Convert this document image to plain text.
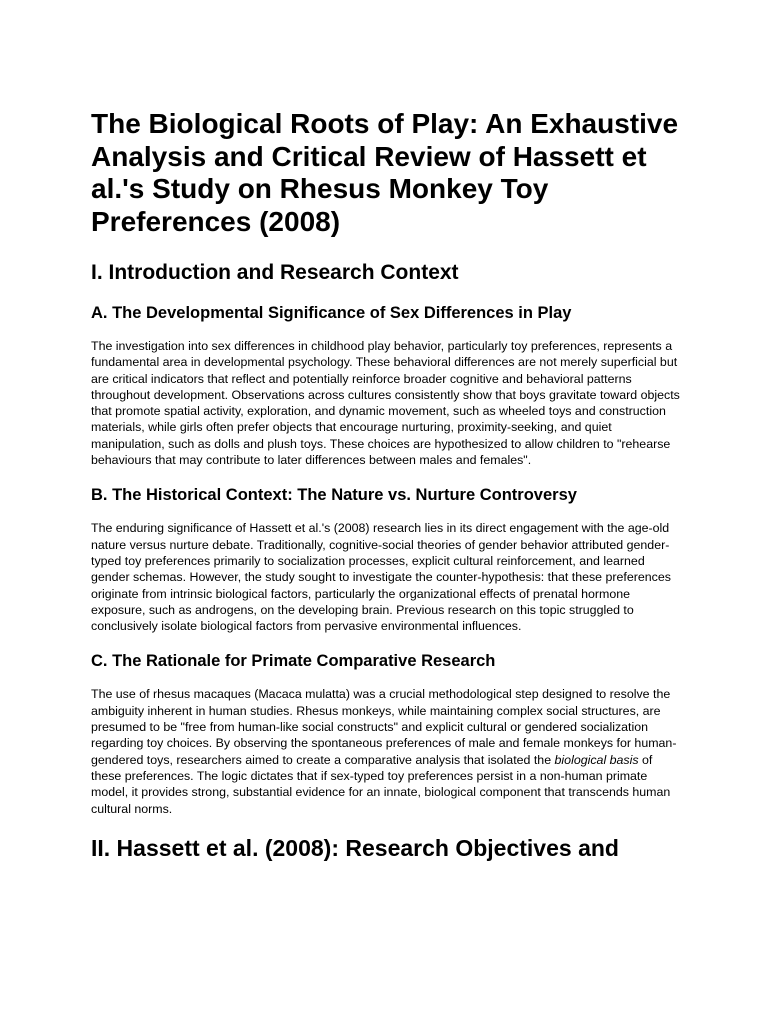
The Biological Roots of Play: An Exhaustive Analysis and Critical Review of Hassett et al.'s Study on Rhesus Monkey Toy Preferences (2008)
I. Introduction and Research Context
A. The Developmental Significance of Sex Differences in Play

The investigation into sex differences in childhood play behavior, particularly toy preferences, represents a fundamental area in developmental psychology. These behavioral differences are not merely superficial but are critical indicators that reflect and potentially reinforce broader cognitive and behavioral patterns throughout development. Observations across cultures consistently show that boys gravitate toward objects that promote spatial activity, exploration, and dynamic movement, such as wheeled toys and construction materials, while girls often prefer objects that encourage nurturing, proximity-seeking, and quiet manipulation, such as dolls and plush toys. These choices are hypothesized to allow children to "rehearse behaviours that may contribute to later differences between males and females".

B. The Historical Context: The Nature vs. Nurture Controversy

The enduring significance of Hassett et al.'s (2008) research lies in its direct engagement with the age-old nature versus nurture debate. Traditionally, cognitive-social theories of gender behavior attributed gender-typed toy preferences primarily to socialization processes, explicit cultural reinforcement, and learned gender schemas. However, the study sought to investigate the counter-hypothesis: that these preferences originate from intrinsic biological factors, particularly the organizational effects of prenatal hormone exposure, such as androgens, on the developing brain. Previous research on this topic struggled to conclusively isolate biological factors from pervasive environmental influences.

C. The Rationale for Primate Comparative Research

The use of rhesus macaques (Macaca mulatta) was a crucial methodological step designed to resolve the ambiguity inherent in human studies. Rhesus monkeys, while maintaining complex social structures, are presumed to be "free from human-like social constructs" and explicit cultural or gendered socialization regarding toy choices. By observing the spontaneous preferences of male and female monkeys for human-gendered toys, researchers aimed to create a comparative analysis that isolated the biological basis of these preferences. The logic dictates that if sex-typed toy preferences persist in a non-human primate model, it provides strong, substantial evidence for an innate, biological component that transcends human cultural norms.

II. Hassett et al. (2008): Research Objectives and
